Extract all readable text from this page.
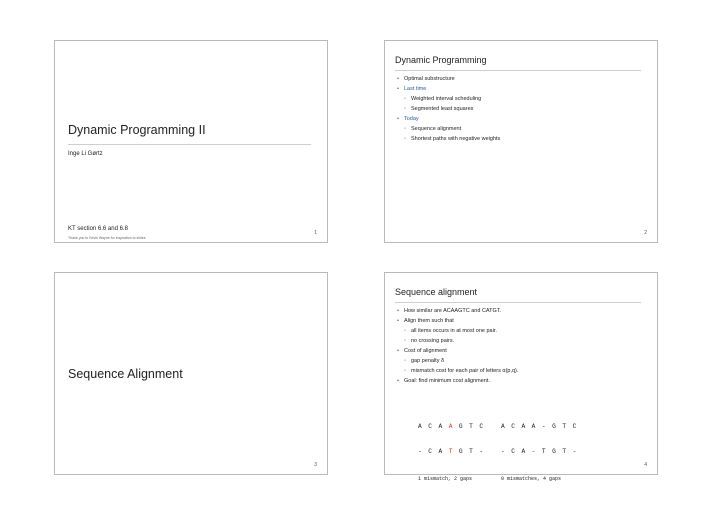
Dynamic Programming II
Inge Li Gørtz
KT section 6.6 and 6.8
Thank you to Kevin Wayne for inspiration to slides
1
Dynamic Programming
• Optimal substructure
• Last time
◦ Weighted interval scheduling
◦ Segmented least squares
• Today
◦ Sequence alignment
◦ Shortest paths with negative weights
2
Sequence Alignment
3
Sequence alignment
• How similar are ACAAGTC and CATGT.
• Align them such that
◦ all items occurs in at most one pair.
◦ no crossing pairs.
• Cost of alignment
◦ gap penalty δ
◦ mismatch cost for each pair of letters α(p,q).
• Goal: find minimum cost alignment.

A C A A G T C

- C A T G T -

1 mismatch, 2 gaps

A C A A - G T C

- C A - T G T -

0 mismatches, 4 gaps

4
